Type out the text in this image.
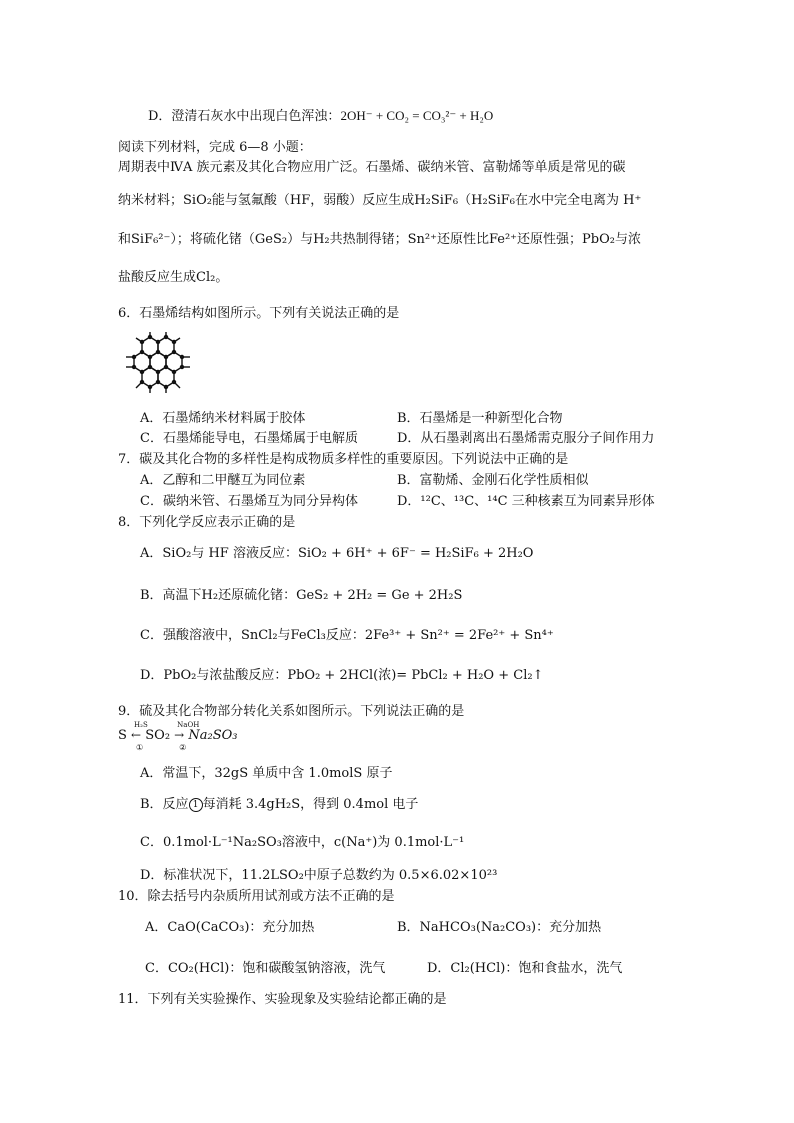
D．澄清石灰水中出现白色浑浊：2OH⁻ + CO₂ = CO₃²⁻ + H₂O
阅读下列材料，完成 6—8 小题：
周期表中ⅣA 族元素及其化合物应用广泛。石墨烯、碳纳米管、富勒烯等单质是常见的碳
纳米材料；SiO₂能与氢氟酸（HF，弱酸）反应生成H₂SiF₆（H₂SiF₆在水中完全电离为 H⁺
和SiF₆²⁻）；将硫化锗（GeS₂）与H₂共热制得锗；Sn²⁺还原性比Fe²⁺还原性强；PbO₂与浓
盐酸反应生成Cl₂。
6．石墨烯结构如图所示。下列有关说法正确的是
A．石墨烯纳米材料属于胶体	B．石墨烯是一种新型化合物
C．石墨烯能导电，石墨烯属于电解质	D．从石墨剥离出石墨烯需克服分子间作用力
7．碳及其化合物的多样性是构成物质多样性的重要原因。下列说法中正确的是
A．乙醇和二甲醚互为同位素	B．富勒烯、金刚石化学性质相似
C．碳纳米管、石墨烯互为同分异构体	D．¹²C、¹³C、¹⁴C 三种核素互为同素异形体
8．下列化学反应表示正确的是
A．SiO₂与 HF 溶液反应：SiO₂ + 6H⁺ + 6F⁻ = H₂SiF₆ + 2H₂O
B．高温下H₂还原硫化锗：GeS₂ + 2H₂ = Ge + 2H₂S
C．强酸溶液中，SnCl₂与FeCl₃反应：2Fe³⁺ + Sn²⁺ = 2Fe²⁺ + Sn⁴⁺
D．PbO₂与浓盐酸反应：PbO₂ + 2HCl(浓)= PbCl₂ + H₂O + Cl₂↑
9．硫及其化合物部分转化关系如图所示。下列说法正确的是
S
H₂S
←
①
SO₂
NaOH
→
②
Na₂SO₃
A．常温下，32gS 单质中含 1.0molS 原子
B．反应 1 每消耗 3.4gH₂S，得到 0.4mol 电子
C．0.1mol·L⁻¹Na₂SO₃溶液中，c(Na⁺)为 0.1mol·L⁻¹
D．标准状况下，11.2LSO₂中原子总数约为 0.5×6.02×10²³
10．除去括号内杂质所用试剂或方法不正确的是
A．CaO(CaCO₃)：充分加热	B．NaHCO₃(Na₂CO₃)：充分加热
C．CO₂(HCl)：饱和碳酸氢钠溶液，洗气	D．Cl₂(HCl)：饱和食盐水，洗气
11．下列有关实验操作、实验现象及实验结论都正确的是
